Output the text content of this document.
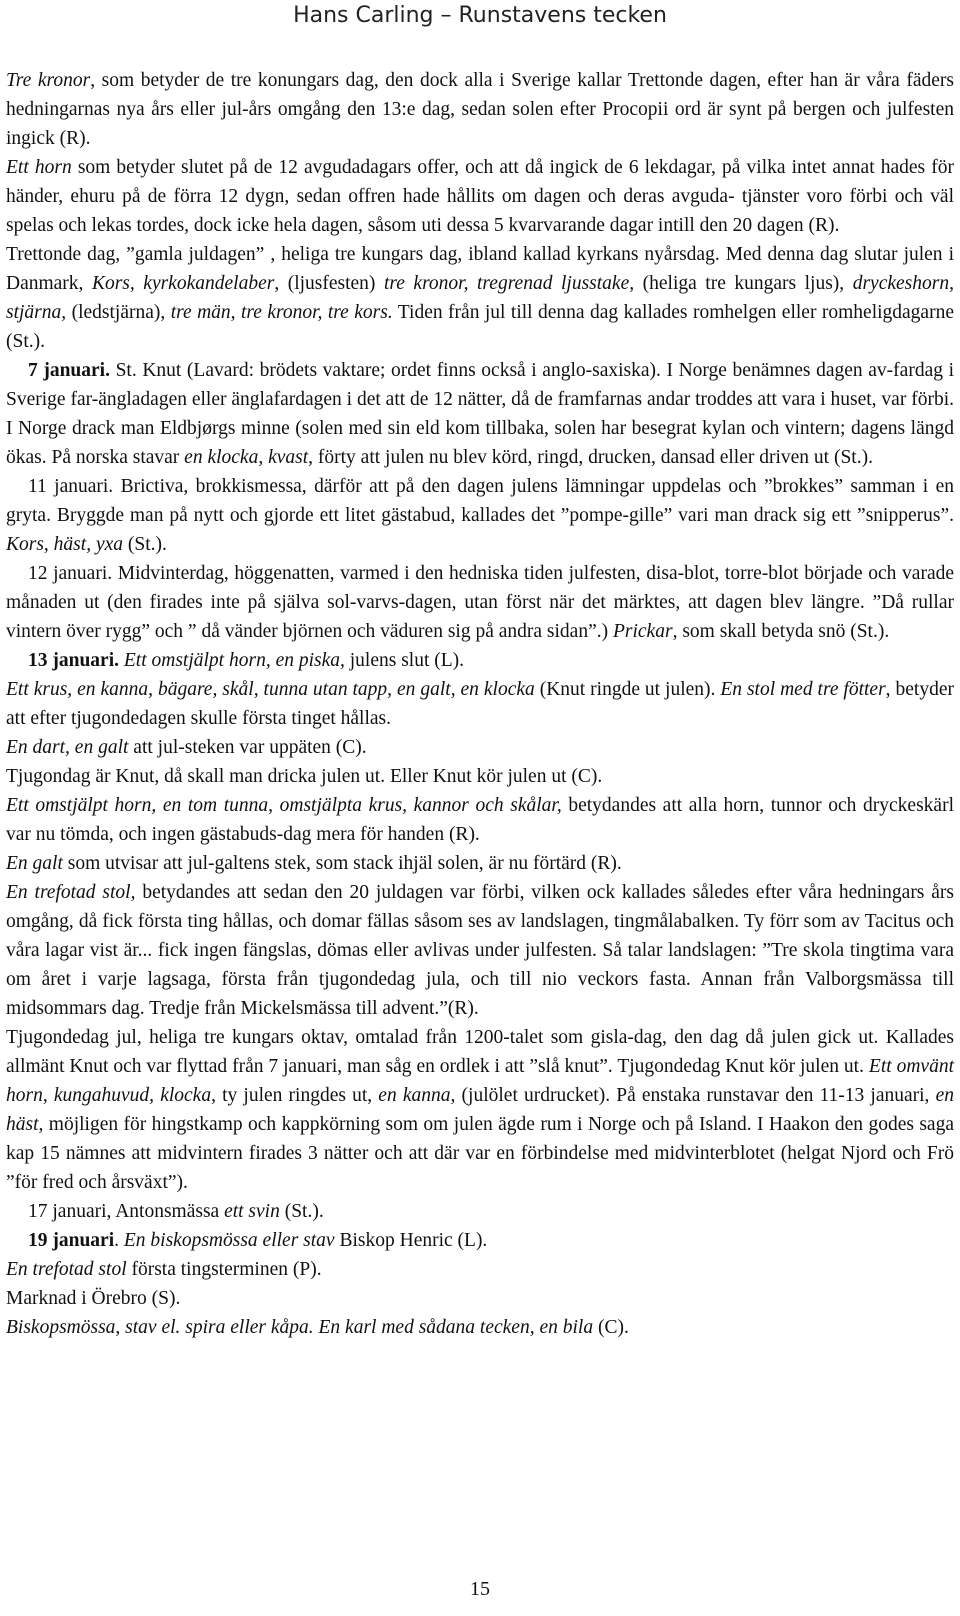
Hans Carling – Runstavens tecken

Tre kronor, som betyder de tre konungars dag, den dock alla i Sverige kallar Trettonde dagen, efter han är våra fäders hedningarnas nya års eller jul-års omgång den 13:e dag, sedan solen efter Procopii ord är synt på bergen och julfesten ingick (R).

Ett horn som betyder slutet på de 12 avgudadagars offer, och att då ingick de 6 lekdagar, på vilka intet annat hades för händer, ehuru på de förra 12 dygn, sedan offren hade hållits om dagen och deras avguda- tjänster voro förbi och väl spelas och lekas tordes, dock icke hela dagen, såsom uti dessa 5 kvarvarande dagar intill den 20 dagen (R).

Trettonde dag, ”gamla juldagen” , heliga tre kungars dag, ibland kallad kyrkans nyårsdag. Med denna dag slutar julen i Danmark, Kors, kyrkokandelaber, (ljusfesten) tre kronor, tregrenad ljusstake, (heliga tre kungars ljus), dryckeshorn, stjärna, (ledstjärna), tre män, tre kronor, tre kors. Tiden från jul till denna dag kallades romhelgen eller romheligdagarne (St.).

7 januari. St. Knut (Lavard: brödets vaktare; ordet finns också i anglo-saxiska). I Norge benämnes dagen av-fardag i Sverige far-ängladagen eller änglafardagen i det att de 12 nätter, då de framfarnas andar troddes att vara i huset, var förbi. I Norge drack man Eldbjørgs minne (solen med sin eld kom tillbaka, solen har besegrat kylan och vintern; dagens längd ökas. På norska stavar en klocka, kvast, förty att julen nu blev körd, ringd, drucken, dansad eller driven ut (St.).

11 januari. Brictiva, brokkismessa, därför att på den dagen julens lämningar uppdelas och ”brokkes” samman i en gryta. Bryggde man på nytt och gjorde ett litet gästabud, kallades det ”pompe-gille” vari man drack sig ett ”snipperus”. Kors, häst, yxa (St.).

12 januari. Midvinterdag, höggenatten, varmed i den hedniska tiden julfesten, disa-blot, torre-blot började och varade månaden ut (den firades inte på själva sol-varvs-dagen, utan först när det märktes, att dagen blev längre. ”Då rullar vintern över rygg” och ” då vänder björnen och väduren sig på andra sidan”.) Prickar, som skall betyda snö (St.).

13 januari. Ett omstjälpt horn, en piska, julens slut (L).

Ett krus, en kanna, bägare, skål, tunna utan tapp, en galt, en klocka (Knut ringde ut julen). En stol med tre fötter, betyder att efter tjugondedagen skulle första tinget hållas.

En dart, en galt att jul-steken var uppäten (C).

Tjugondag är Knut, då skall man dricka julen ut. Eller Knut kör julen ut (C).

Ett omstjälpt horn, en tom tunna, omstjälpta krus, kannor och skålar, betydandes att alla horn, tunnor och dryckeskärl var nu tömda, och ingen gästabuds-dag mera för handen (R).

En galt som utvisar att jul-galtens stek, som stack ihjäl solen, är nu förtärd (R).

En trefotad stol, betydandes att sedan den 20 juldagen var förbi, vilken ock kallades således efter våra hedningars års omgång, då fick första ting hållas, och domar fällas såsom ses av landslagen, tingmålabalken. Ty förr som av Tacitus och våra lagar vist är... fick ingen fängslas, dömas eller avlivas under julfesten. Så talar landslagen: ”Tre skola tingtima vara om året i varje lagsaga, första från tjugondedag jula, och till nio veckors fasta. Annan från Valborgsmässa till midsommars dag. Tredje från Mickelsmässa till advent.”(R).

Tjugondedag jul, heliga tre kungars oktav, omtalad från 1200-talet som gisla-dag, den dag då julen gick ut. Kallades allmänt Knut och var flyttad från 7 januari, man såg en ordlek i att ”slå knut”. Tjugondedag Knut kör julen ut. Ett omvänt horn, kungahuvud, klocka, ty julen ringdes ut, en kanna, (julölet urdrucket). På enstaka runstavar den 11-13 januari, en häst, möjligen för hingstkamp och kappkörning som om julen ägde rum i Norge och på Island. I Haakon den godes saga kap 15 nämnes att midvintern firades 3 nätter och att där var en förbindelse med midvinterblotet (helgat Njord och Frö ”för fred och årsväxt”).

17 januari, Antonsmässa ett svin (St.).

19 januari. En biskopsmössa eller stav Biskop Henric (L).

En trefotad stol första tingsterminen (P).

Marknad i Örebro (S).

Biskopsmössa, stav el. spira eller kåpa. En karl med sådana tecken, en bila (C).

15
